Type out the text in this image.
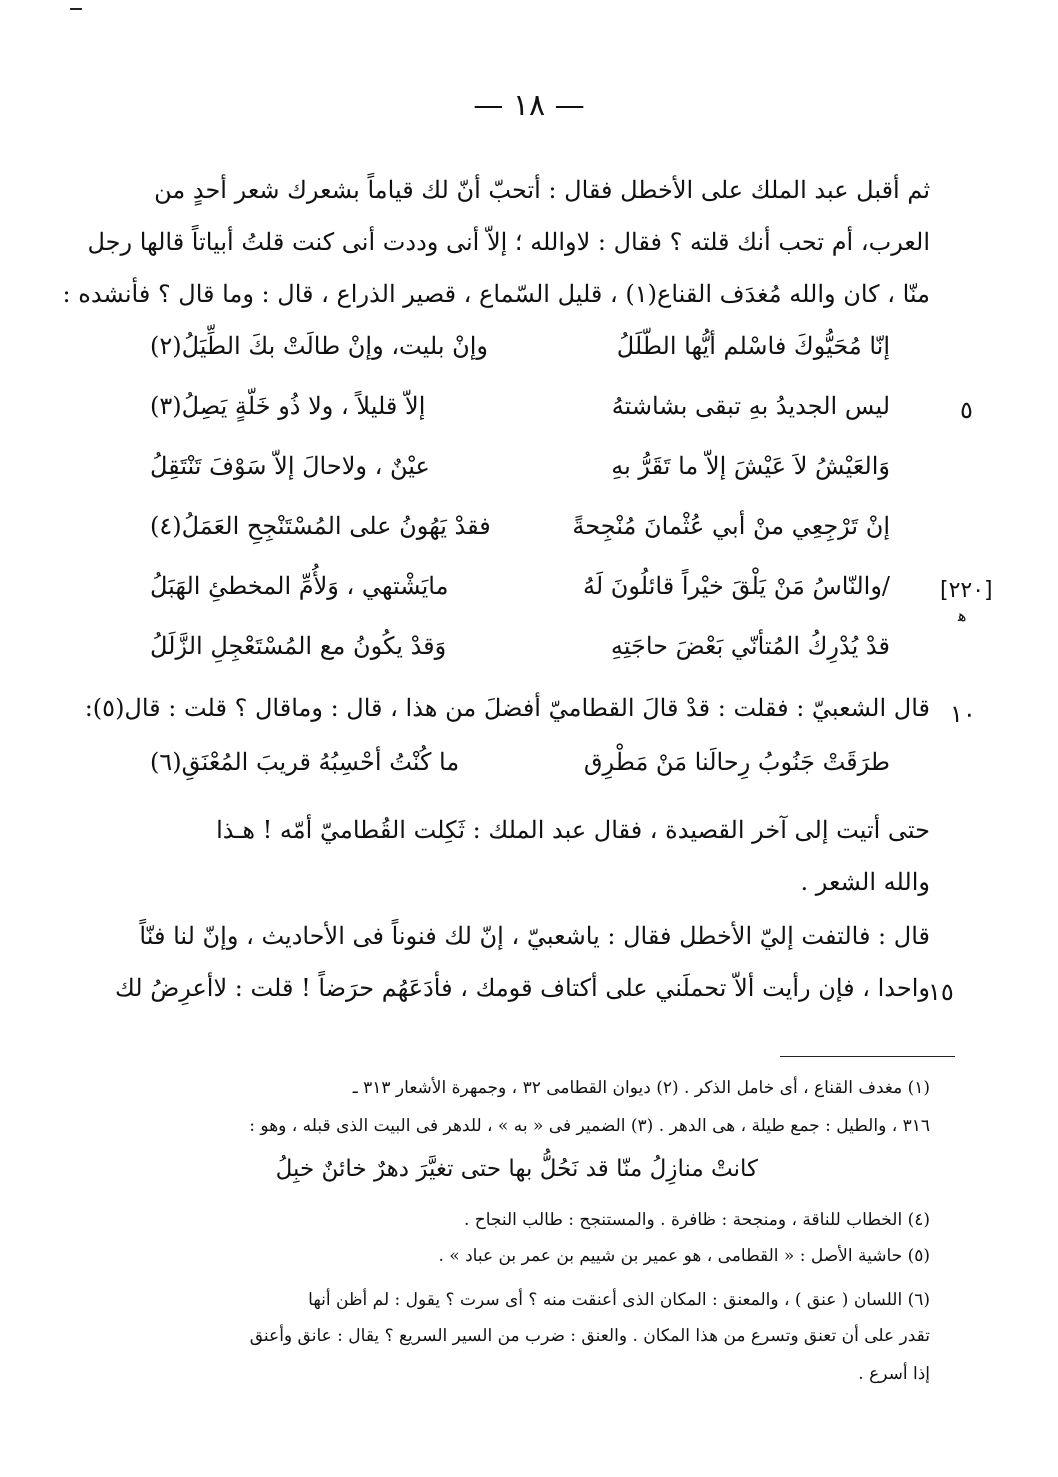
— ١٨ —

ثم أقبل عبد الملك على الأخطل فقال : أتحبّ أنّ لك قياماً بشعرك شعر أحدٍ من

العرب، أم تحب أنك قلته ؟ فقال : لاوالله ؛ إلاّ أنى وددت أنى كنت قلتُ أبياتاً قالها رجل

منّا ، كان والله مُغدَف القناع(١) ، قليل السّماع ، قصير الذراع ، قال : وما قال ؟ فأنشده :

إنّا مُحَيُّوكَ فاسْلم أيُّها الطّلَلُ
وإنْ بليت، وإنْ طالَتْ بكَ الطِّيَلُ(٢)
ليس الجديدُ بهِ تبقى بشاشتهُ
إلاّ قليلاً ، ولا ذُو خَلّةٍ يَصِلُ(٣)	٥
وَالعَيْشُ لاَ عَيْشَ إلاّ ما تَقَرُّ بهِ
عيْنٌ ، ولاحالَ إلاّ سَوْفَ تَنْتَقِلُ
إنْ تَرْجِعِي منْ أبي عُثْمانَ مُنْجِحةً
فقدْ يَهُونُ على المُسْتَنْجِحِ العَمَلُ(٤)
/والنّاسُ مَنْ يَلْقَ خيْراً قائلُونَ لَهُ
مايَشْتهي ، وَلأُمِّ المخطئِ الهَبَلُ	[٢٢٠]
ﻫ
قدْ يُدْرِكُ المُتأنّي بَعْضَ حاجَتِهِ
وَقدْ يكُونُ مع المُسْتَعْجِلِ الزَّلَلُ

قال الشعبيّ : فقلت : قدْ قالَ القطاميّ أفضلَ من هذا ، قال : وماقال ؟ قلت : قال(٥): ١٠
طرَقَتْ جَنُوبُ رِحالَنا مَنْ مَطْرِق
ما كُنْتُ أحْسِبُهُ قريبَ المُعْنَقِ(٦)

حتى أتيت إلى آخر القصيدة ، فقال عبد الملك : ثَكِلت القُطاميّ أمّه ! هـذا

والله الشعر .

قال : فالتفت إليّ الأخطل فقال : ياشعبيّ ، إنّ لك فنوناً فى الأحاديث ، وإنّ لنا فنّاً

واحدا ، فإن رأيت ألاّ تحملَني على أكتاف قومك ، فأدَعَهُم حرَضاً ! قلت : لاأعرِضُ لك

١٥

(١) مغدف القناع ، أى خامل الذكر . (٢) ديوان القطامى ٣٢ ، وجمهرة الأشعار ٣١٣ ـ

٣١٦ ، والطيل : جمع طيلة ، هى الدهر . (٣) الضمير فى « به » ، للدهر فى البيت الذى قبله ، وهو :

كانتْ منازِلُ منّا قد نَحُلُّ بها حتى تغيَّرَ دهرٌ خائنٌ خبِلُ

(٤) الخطاب للناقة ، ومنجحة : ظافرة . والمستنجح : طالب النجاح .

(٥) حاشية الأصل : « القطامى ، هو عمير بن شييم بن عمر بن عباد » .

(٦) اللسان ( عنق ) ، والمعنق : المكان الذى أعنقت منه ؟ أى سرت ؟ يقول : لم أظن أنها

تقدر على أن تعنق وتسرع من هذا المكان . والعنق : ضرب من السير السريع ؟ يقال : عانق وأعنق

إذا أسرع .
